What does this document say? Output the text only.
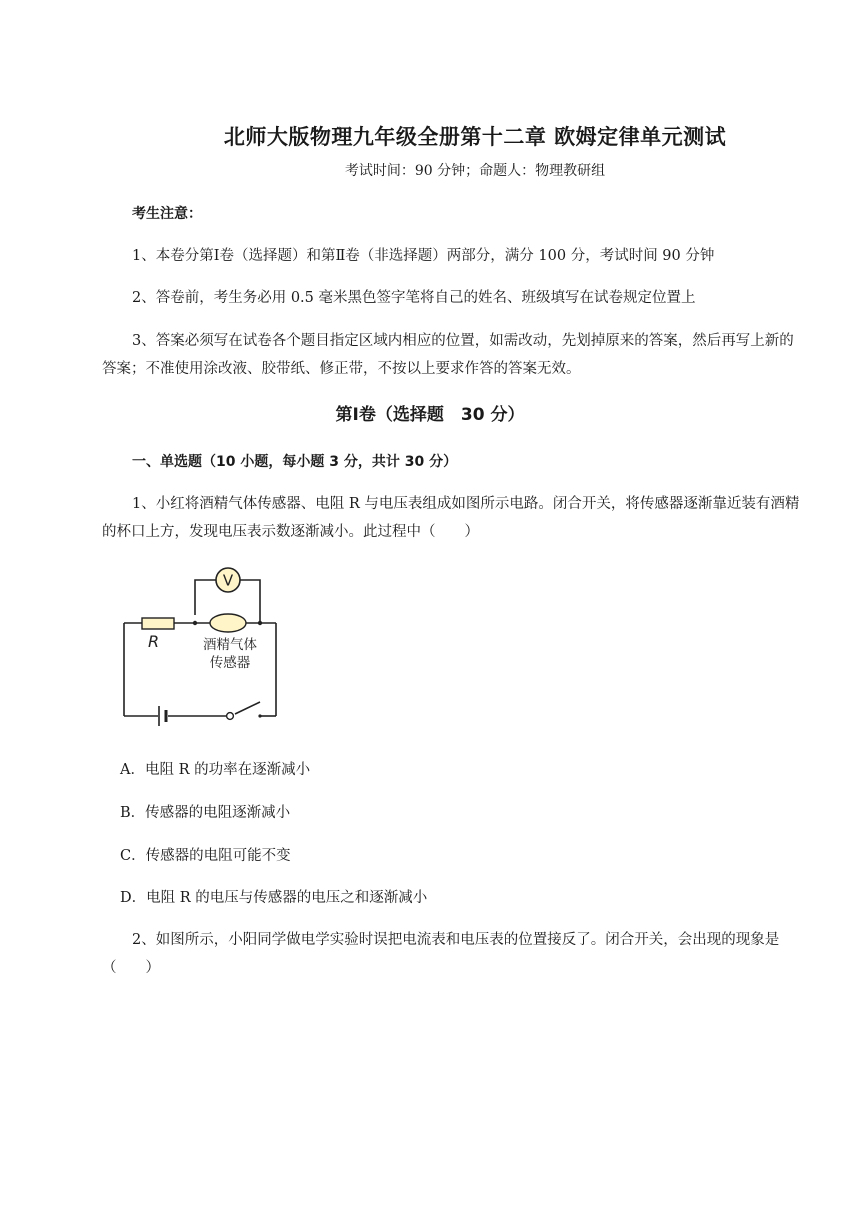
北师大版物理九年级全册第十二章 欧姆定律单元测试
考试时间：90 分钟；命题人：物理教研组

考生注意：

1、本卷分第Ⅰ卷（选择题）和第Ⅱ卷（非选择题）两部分，满分 100 分，考试时间 90 分钟

2、答卷前，考生务必用 0.5 毫米黑色签字笔将自己的姓名、班级填写在试卷规定位置上

3、答案必须写在试卷各个题目指定区域内相应的位置，如需改动，先划掉原来的答案，然后再写上新的答案；不准使用涂改液、胶带纸、修正带，不按以上要求作答的答案无效。

第Ⅰ卷（选择题　30 分）

一、单选题（10 小题，每小题 3 分，共计 30 分）

1、小红将酒精气体传感器、电阻 R 与电压表组成如图所示电路。闭合开关，将传感器逐渐靠近装有酒精的杯口上方，发现电压表示数逐渐减小。此过程中（　　）

V
R	酒精气体
传感器
A．电阻 R 的功率在逐渐减小
B．传感器的电阻逐渐减小
C．传感器的电阻可能不变
D．电阻 R 的电压与传感器的电压之和逐渐减小

2、如图所示，小阳同学做电学实验时误把电流表和电压表的位置接反了。闭合开关，会出现的现象是（　　）
